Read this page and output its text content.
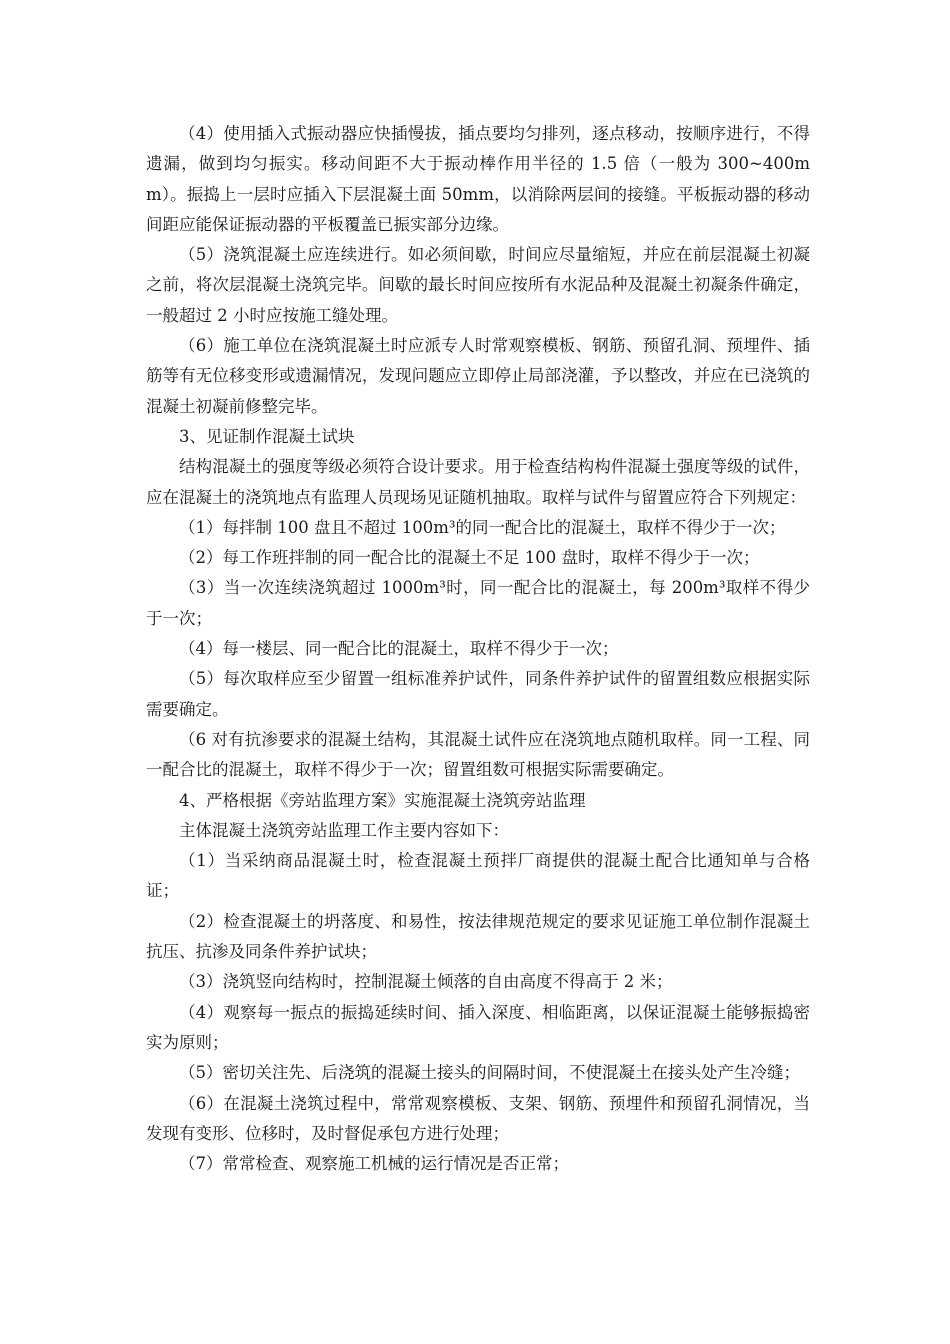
（4）使用插入式振动器应快插慢拔，插点要均匀排列，逐点移动，按顺序进行，不得遗漏，做到均匀振实。移动间距不大于振动棒作用半径的 1.5 倍（一般为 300~400mm）。振捣上一层时应插入下层混凝土面 50mm，以消除两层间的接缝。平板振动器的移动间距应能保证振动器的平板覆盖已振实部分边缘。

（5）浇筑混凝土应连续进行。如必须间歇，时间应尽量缩短，并应在前层混凝土初凝之前，将次层混凝土浇筑完毕。间歇的最长时间应按所有水泥品种及混凝土初凝条件确定，一般超过 2 小时应按施工缝处理。

（6）施工单位在浇筑混凝土时应派专人时常观察模板、钢筋、预留孔洞、预埋件、插筋等有无位移变形或遗漏情况，发现问题应立即停止局部浇灌，予以整改，并应在已浇筑的混凝土初凝前修整完毕。

3、见证制作混凝土试块

结构混凝土的强度等级必须符合设计要求。用于检查结构构件混凝土强度等级的试件，应在混凝土的浇筑地点有监理人员现场见证随机抽取。取样与试件与留置应符合下列规定：

（1）每拌制 100 盘且不超过 100m³的同一配合比的混凝土，取样不得少于一次；

（2）每工作班拌制的同一配合比的混凝土不足 100 盘时，取样不得少于一次；

（3）当一次连续浇筑超过 1000m³时，同一配合比的混凝土，每 200m³取样不得少于一次；

（4）每一楼层、同一配合比的混凝土，取样不得少于一次；

（5）每次取样应至少留置一组标准养护试件，同条件养护试件的留置组数应根据实际需要确定。

（6 对有抗渗要求的混凝土结构，其混凝土试件应在浇筑地点随机取样。同一工程、同一配合比的混凝土，取样不得少于一次；留置组数可根据实际需要确定。

4、严格根据《旁站监理方案》实施混凝土浇筑旁站监理

主体混凝土浇筑旁站监理工作主要内容如下：

（1）当采纳商品混凝土时，检查混凝土预拌厂商提供的混凝土配合比通知单与合格证；

（2）检查混凝土的坍落度、和易性，按法律规范规定的要求见证施工单位制作混凝土抗压、抗渗及同条件养护试块；

（3）浇筑竖向结构时，控制混凝土倾落的自由高度不得高于 2 米；

（4）观察每一振点的振捣延续时间、插入深度、相临距离，以保证混凝土能够振捣密实为原则；

（5）密切关注先、后浇筑的混凝土接头的间隔时间，不使混凝土在接头处产生冷缝；

（6）在混凝土浇筑过程中，常常观察模板、支架、钢筋、预埋件和预留孔洞情况，当发现有变形、位移时，及时督促承包方进行处理；

（7）常常检查、观察施工机械的运行情况是否正常；
